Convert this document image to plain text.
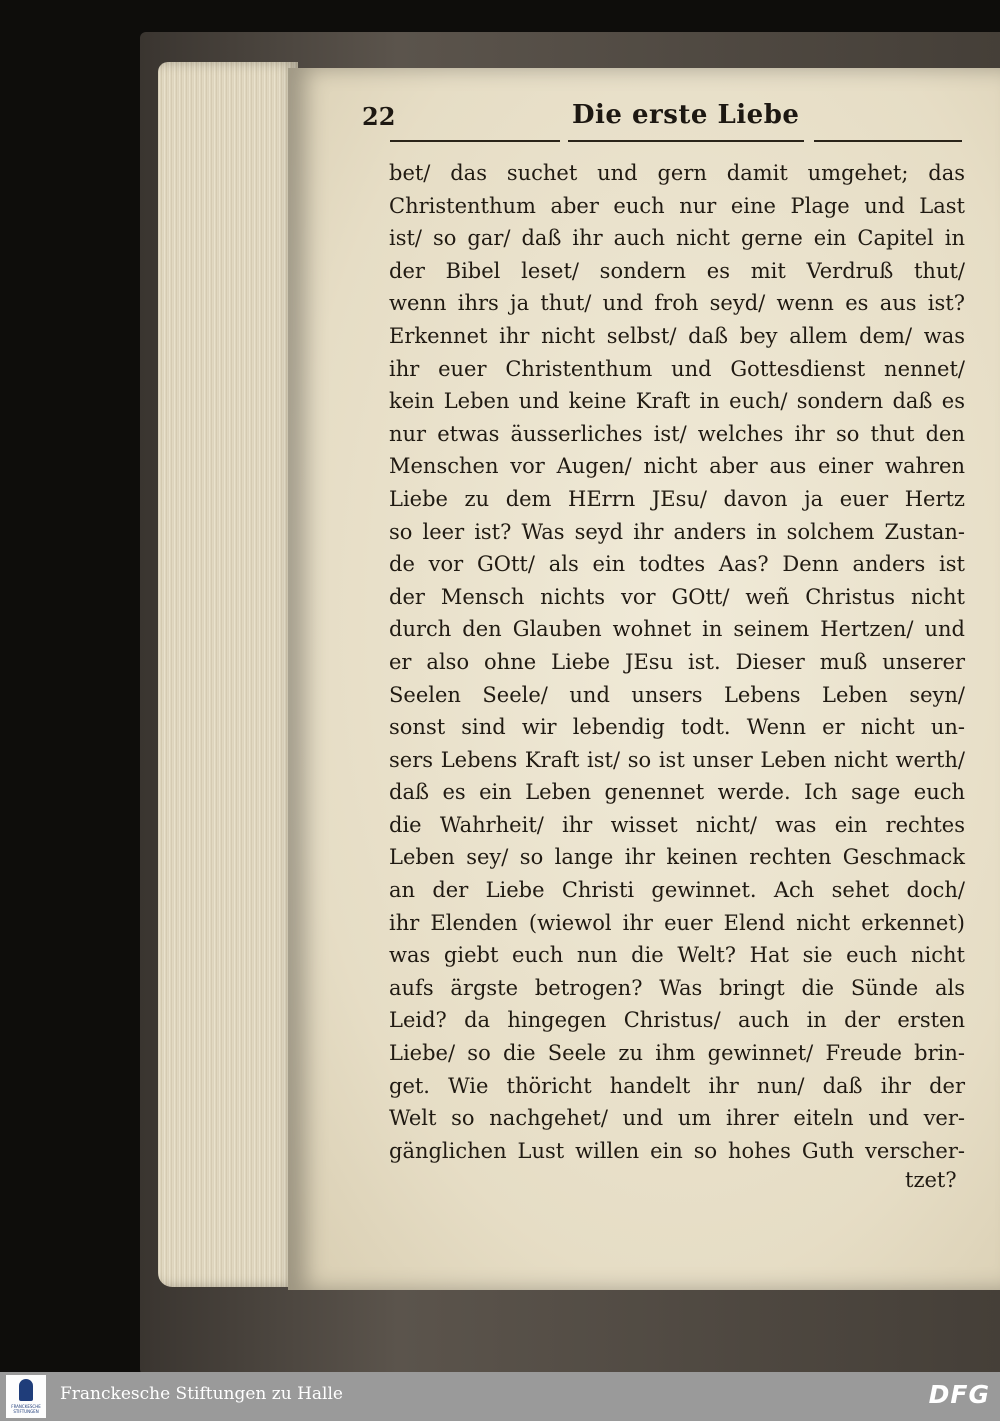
22	Die erste Liebe
bet/ das suchet und gern damit umgehet; das
Christenthum aber euch nur eine Plage und Last
ist/ so gar/ daß ihr auch nicht gerne ein Capitel in
der Bibel leset/ sondern es mit Verdruß thut/
wenn ihrs ja thut/ und froh seyd/ wenn es aus ist?
Erkennet ihr nicht selbst/ daß bey allem dem/ was
ihr euer Christenthum und Gottesdienst nennet/
kein Leben und keine Kraft in euch/ sondern daß es
nur etwas äusserliches ist/ welches ihr so thut den
Menschen vor Augen/ nicht aber aus einer wahren
Liebe zu dem HErrn JEsu/ davon ja euer Hertz
so leer ist? Was seyd ihr anders in solchem Zustan-
de vor GOtt/ als ein todtes Aas? Denn anders ist
der Mensch nichts vor GOtt/ weñ Christus nicht
durch den Glauben wohnet in seinem Hertzen/ und
er also ohne Liebe JEsu ist. Dieser muß unserer
Seelen Seele/ und unsers Lebens Leben seyn/
sonst sind wir lebendig todt. Wenn er nicht un-
sers Lebens Kraft ist/ so ist unser Leben nicht werth/
daß es ein Leben genennet werde. Ich sage euch
die Wahrheit/ ihr wisset nicht/ was ein rechtes
Leben sey/ so lange ihr keinen rechten Geschmack
an der Liebe Christi gewinnet. Ach sehet doch/
ihr Elenden (wiewol ihr euer Elend nicht erkennet)
was giebt euch nun die Welt? Hat sie euch nicht
aufs ärgste betrogen? Was bringt die Sünde als
Leid? da hingegen Christus/ auch in der ersten
Liebe/ so die Seele zu ihm gewinnet/ Freude brin-
get. Wie thöricht handelt ihr nun/ daß ihr der
Welt so nachgehet/ und um ihrer eiteln und ver-
gänglichen Lust willen ein so hohes Guth verscher-
tzet?
FRANCKESCHE STIFTUNGEN
Franckesche Stiftungen zu Halle	DFG
